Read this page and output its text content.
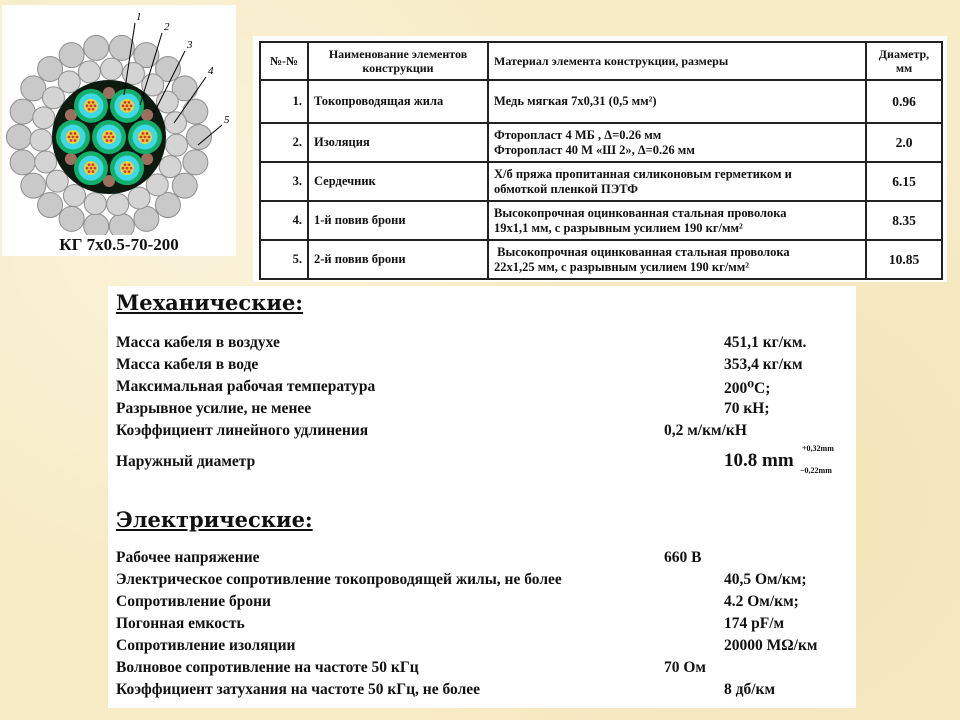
1
2
3
4
5
КГ 7х0.5-70-200
№-№	Наименование элементов конструкции	Материал элемента конструкции, размеры	Диаметр, мм
1.	Токопроводящая жила	Медь мягкая 7х0,31 (0,5 мм²)	0.96
2.	Изоляция	Фторопласт 4 МБ , Δ=0.26 мм
Фторопласт 40 М «Ш 2», Δ=0.26 мм	2.0
3.	Сердечник	Х/б пряжа пропитанная силиконовым герметиком и
обмоткой пленкой ПЭТФ	6.15
4.	1-й повив брони	Высокопрочная оцинкованная стальная проволока
19х1,1 мм, с разрывным усилием 190 кг/мм²	8.35
5.	2-й повив брони	Высокопрочная оцинкованная стальная проволока
22х1,25 мм, с разрывным усилием 190 кг/мм²	10.85
Механические:
Масса кабеля в воздухе	451,1 кг/км.
Масса кабеля в воде	353,4 кг/км
Максимальная рабочая температура	200⁰С;
Разрывное усилие, не менее	70 кН;
Коэффициент линейного удлинения	0,2 м/км/кН
Наружный диаметр	10.8 mm
+0,32mm
−0,22mm
Электрические:
Рабочее напряжение	660 В
Электрическое сопротивление токопроводящей жилы, не более	40,5 Ом/км;
Сопротивление брони	4.2 Ом/км;
Погонная емкость	174 pF/м
Сопротивление изоляции	20000 MΩ/км
Волновое сопротивление на частоте 50 кГц	70 Ом
Коэффициент затухания на частоте 50 кГц, не более	8 дб/км
